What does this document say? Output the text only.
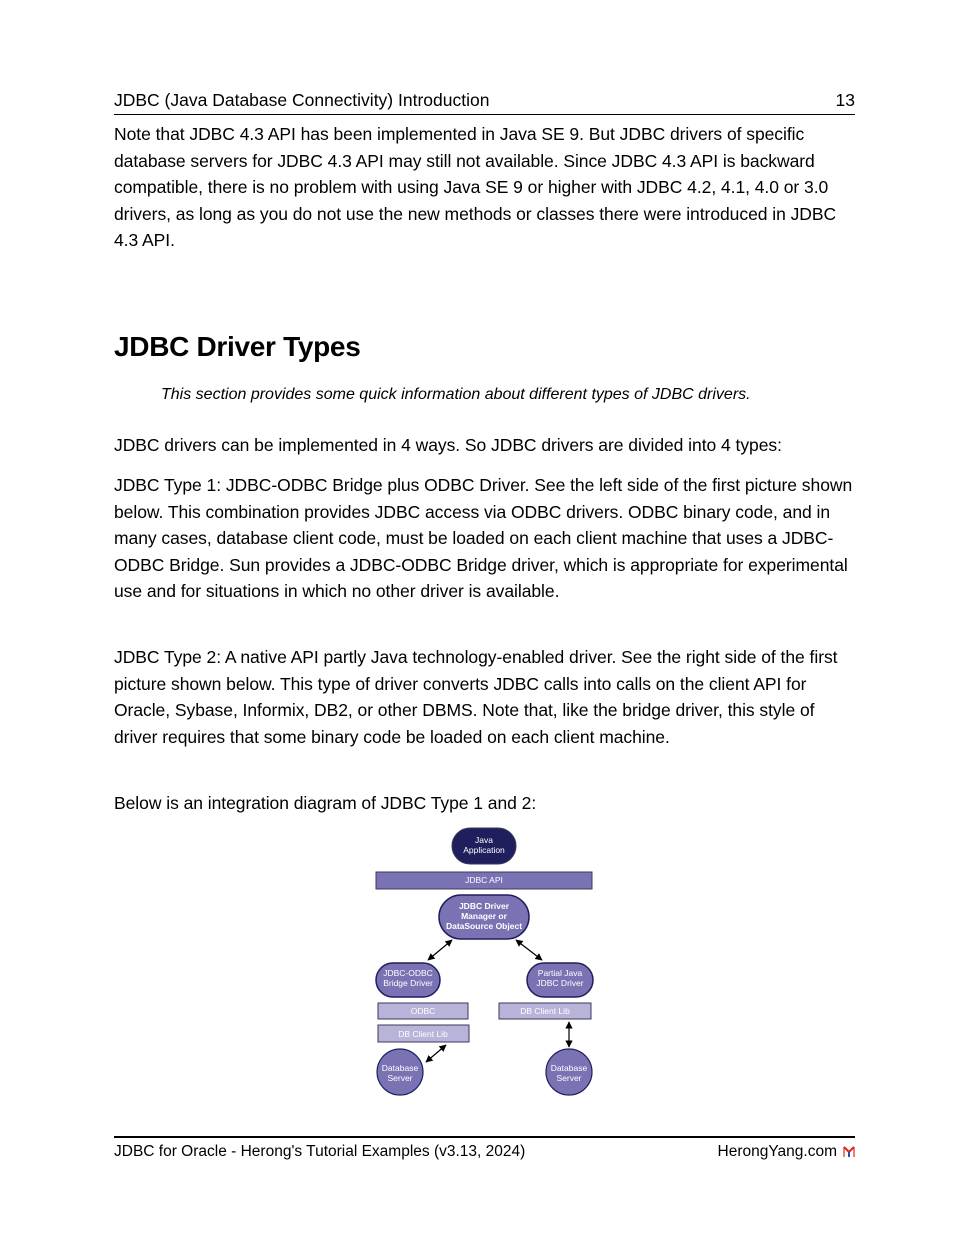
JDBC (Java Database Connectivity) Introduction	13

Note that JDBC 4.3 API has been implemented in Java SE 9. But JDBC drivers of specific database servers for JDBC 4.3 API may still not available. Since JDBC 4.3 API is backward compatible, there is no problem with using Java SE 9 or higher with JDBC 4.2, 4.1, 4.0 or 3.0 drivers, as long as you do not use the new methods or classes there were introduced in JDBC 4.3 API.

JDBC Driver Types

This section provides some quick information about different types of JDBC drivers.

JDBC drivers can be implemented in 4 ways. So JDBC drivers are divided into 4 types:

JDBC Type 1: JDBC-ODBC Bridge plus ODBC Driver. See the left side of the first picture shown below. This combination provides JDBC access via ODBC drivers. ODBC binary code, and in many cases, database client code, must be loaded on each client machine that uses a JDBC-ODBC Bridge. Sun provides a JDBC-ODBC Bridge driver, which is appropriate for experimental use and for situations in which no other driver is available.

JDBC Type 2: A native API partly Java technology-enabled driver. See the right side of the first picture shown below. This type of driver converts JDBC calls into calls on the client API for Oracle, Sybase, Informix, DB2, or other DBMS. Note that, like the bridge driver, this style of driver requires that some binary code be loaded on each client machine.

Below is an integration diagram of JDBC Type 1 and 2:

Java
Application
JDBC API
JDBC Driver
Manager or
DataSource Object
JDBC-ODBC
Bridge Driver
Partial Java
JDBC Driver
ODBC
DB Client Lib
DB Client Lib
Database
Server
Database
Server
JDBC for Oracle - Herong's Tutorial Examples (v3.13, 2024)	HerongYang.com
